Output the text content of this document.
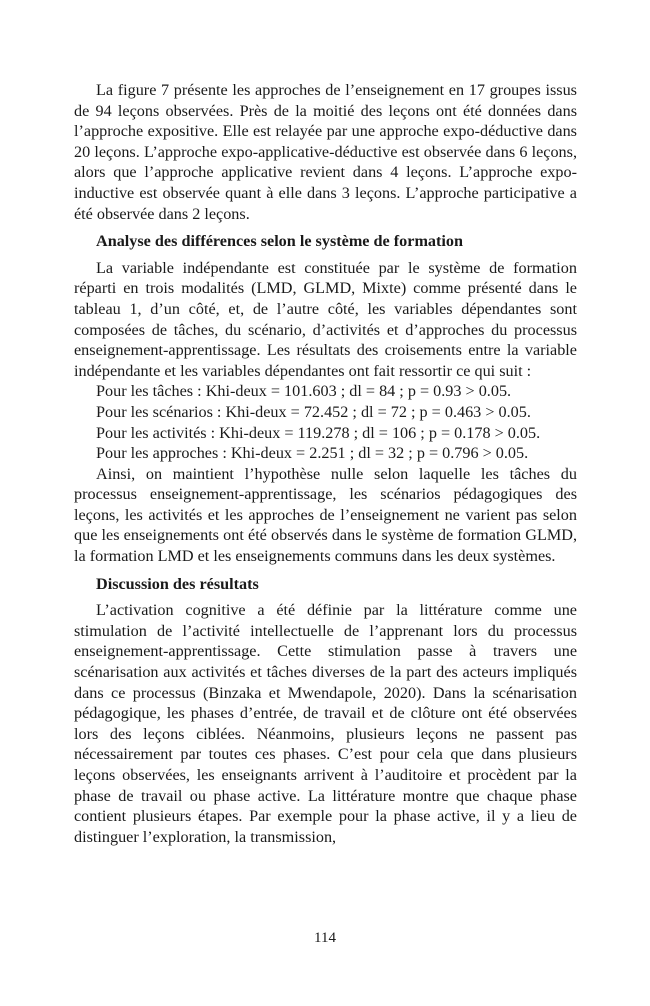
La figure 7 présente les approches de l’enseignement en 17 groupes issus de 94 leçons observées. Près de la moitié des leçons ont été données dans l’approche expositive. Elle est relayée par une approche expo-déductive dans 20 leçons. L’approche expo-applicative-déductive est observée dans 6 leçons, alors que l’approche applicative revient dans 4 leçons. L’approche expo-inductive est observée quant à elle dans 3 leçons. L’approche participative a été observée dans 2 leçons.

Analyse des différences selon le système de formation

La variable indépendante est constituée par le système de formation réparti en trois modalités (LMD, GLMD, Mixte) comme présenté dans le tableau 1, d’un côté, et, de l’autre côté, les variables dépendantes sont composées de tâches, du scénario, d’activités et d’approches du processus enseignement-apprentissage. Les résultats des croisements entre la variable indépendante et les variables dépendantes ont fait ressortir ce qui suit :

Pour les tâches : Khi-deux = 101.603 ; dl = 84 ; p = 0.93 > 0.05.

Pour les scénarios : Khi-deux = 72.452 ; dl = 72 ; p = 0.463 > 0.05.

Pour les activités : Khi-deux = 119.278 ; dl = 106 ; p = 0.178 > 0.05.

Pour les approches : Khi-deux = 2.251 ; dl = 32 ; p = 0.796 > 0.05.

Ainsi, on maintient l’hypothèse nulle selon laquelle les tâches du processus enseignement-apprentissage, les scénarios pédagogiques des leçons, les activités et les approches de l’enseignement ne varient pas selon que les enseignements ont été observés dans le système de formation GLMD, la formation LMD et les enseignements communs dans les deux systèmes.

Discussion des résultats

L’activation cognitive a été définie par la littérature comme une stimulation de l’activité intellectuelle de l’apprenant lors du processus enseignement-apprentissage. Cette stimulation passe à travers une scénarisation aux activités et tâches diverses de la part des acteurs impliqués dans ce processus (Binzaka et Mwendapole, 2020). Dans la scénarisation pédagogique, les phases d’entrée, de travail et de clôture ont été observées lors des leçons ciblées. Néanmoins, plusieurs leçons ne passent pas nécessairement par toutes ces phases. C’est pour cela que dans plusieurs leçons observées, les enseignants arrivent à l’auditoire et procèdent par la phase de travail ou phase active. La littérature montre que chaque phase contient plusieurs étapes. Par exemple pour la phase active, il y a lieu de distinguer l’exploration, la transmission,

114
